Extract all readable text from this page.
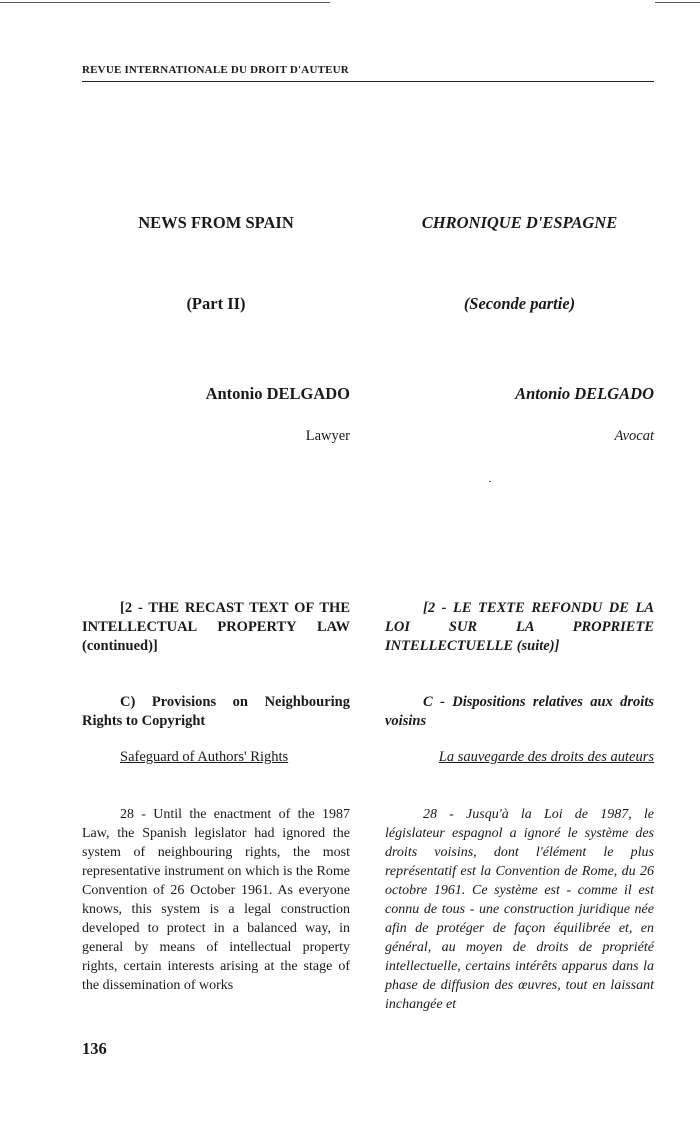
REVUE INTERNATIONALE DU DROIT D'AUTEUR
NEWS FROM SPAIN
(Part II)
Antonio DELGADO
Lawyer

[2 - THE RECAST TEXT OF THE INTELLECTUAL PROPERTY LAW (continued)]

C) Provisions on Neighbouring Rights to Copyright

Safeguard of Authors' Rights

28 - Until the enactment of the 1987 Law, the Spanish legislator had ignored the system of neighbouring rights, the most representative instrument on which is the Rome Convention of 26 October 1961. As everyone knows, this system is a legal construction developed to protect in a balanced way, in general by means of intellectual property rights, certain interests arising at the stage of the dissemination of works

CHRONIQUE D'ESPAGNE
(Seconde partie)
Antonio DELGADO
Avocat

[2 - LE TEXTE REFONDU DE LA LOI SUR LA PROPRIETE INTELLECTUELLE (suite)]

C - Dispositions relatives aux droits voisins

La sauvegarde des droits des auteurs

28 - Jusqu'à la Loi de 1987, le législateur espagnol a ignoré le système des droits voisins, dont l'élément le plus représentatif est la Convention de Rome, du 26 octobre 1961. Ce système est - comme il est connu de tous - une construction juridique née afin de protéger de façon équilibrée et, en général, au moyen de droits de propriété intellectuelle, certains intérêts apparus dans la phase de diffusion des œuvres, tout en laissant inchangée et

136
